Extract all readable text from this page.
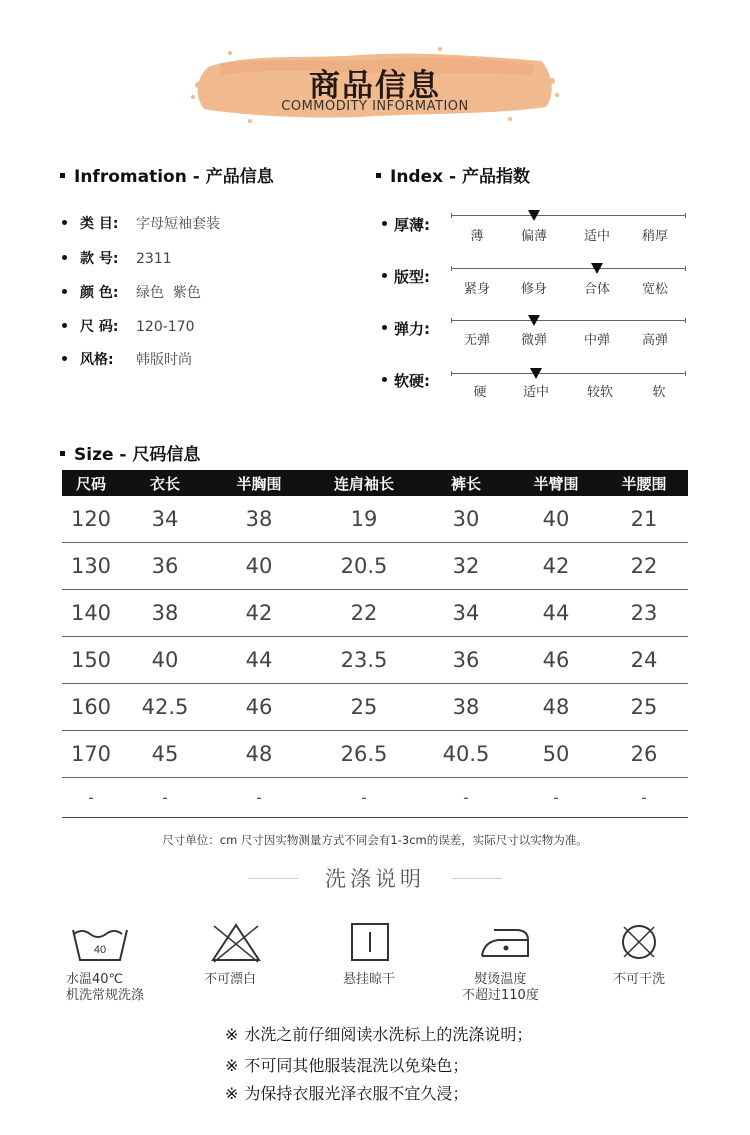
商品信息
COMMODITY INFORMATION
Infromation - 产品信息
类 目: 字母短袖套装
款 号: 2311
颜 色: 绿色  紫色
尺 码: 120-170
风格: 韩版时尚
Index - 产品指数
厚薄:
薄	偏薄	适中	稍厚
版型:
紧身	修身	合体	宽松
弹力:
无弹	微弹	中弹	高弹
软硬:
硬	适中	较软	软
Size - 尺码信息
尺码	衣长	半胸围	连肩袖长	裤长	半臂围	半腰围
120	34	38	19	30	40	21
130	36	40	20.5	32	42	22
140	38	42	22	34	44	23
150	40	44	23.5	36	46	24
160	42.5	46	25	38	48	25
170	45	48	26.5	40.5	50	26
-	-	-	-	-	-	-
尺寸单位：cm 尺寸因实物测量方式不同会有1-3cm的误差，实际尺寸以实物为准。
洗涤说明
40
水温40℃
机洗常规洗涤
不可漂白	悬挂晾干	熨烫温度
不超过110度
不可干洗
※ 水洗之前仔细阅读水洗标上的洗涤说明；
※ 不可同其他服装混洗以免染色；
※ 为保持衣服光泽衣服不宜久浸；
